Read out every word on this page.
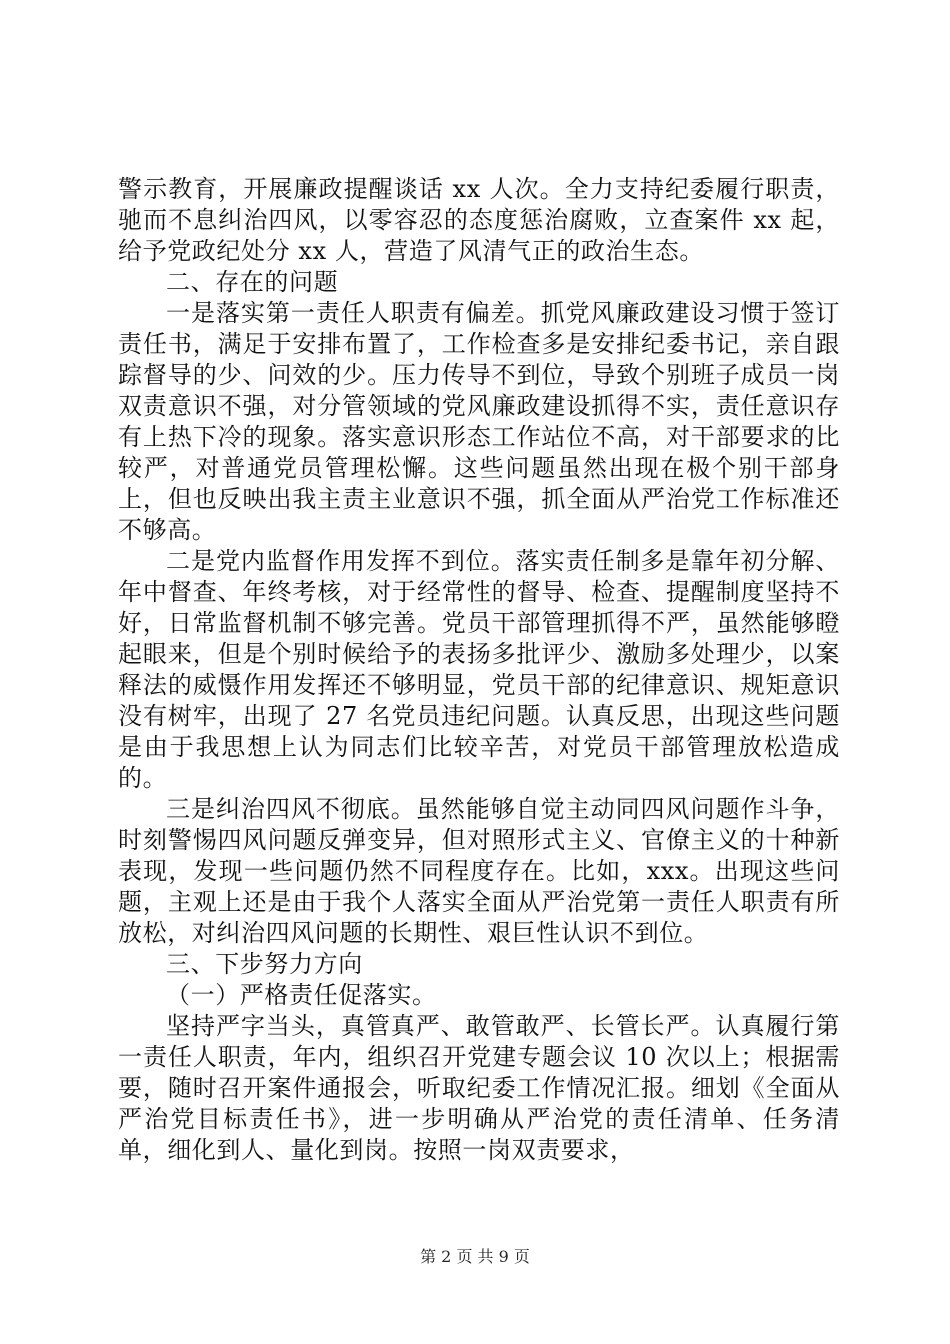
警示教育，开展廉政提醒谈话 xx 人次。全力支持纪委履行职责，驰而不息纠治四风，以零容忍的态度惩治腐败，立查案件 xx 起，给予党政纪处分 xx 人，营造了风清气正的政治生态。

二、存在的问题

一是落实第一责任人职责有偏差。抓党风廉政建设习惯于签订责任书，满足于安排布置了，工作检查多是安排纪委书记，亲自跟踪督导的少、问效的少。压力传导不到位，导致个别班子成员一岗双责意识不强，对分管领域的党风廉政建设抓得不实，责任意识存有上热下冷的现象。落实意识形态工作站位不高，对干部要求的比较严，对普通党员管理松懈。这些问题虽然出现在极个别干部身上，但也反映出我主责主业意识不强，抓全面从严治党工作标准还不够高。

二是党内监督作用发挥不到位。落实责任制多是靠年初分解、年中督查、年终考核，对于经常性的督导、检查、提醒制度坚持不好，日常监督机制不够完善。党员干部管理抓得不严，虽然能够瞪起眼来，但是个别时候给予的表扬多批评少、激励多处理少，以案释法的威慑作用发挥还不够明显，党员干部的纪律意识、规矩意识没有树牢，出现了 27 名党员违纪问题。认真反思，出现这些问题是由于我思想上认为同志们比较辛苦，对党员干部管理放松造成的。

三是纠治四风不彻底。虽然能够自觉主动同四风问题作斗争，时刻警惕四风问题反弹变异，但对照形式主义、官僚主义的十种新表现，发现一些问题仍然不同程度存在。比如，xxx。出现这些问题，主观上还是由于我个人落实全面从严治党第一责任人职责有所放松，对纠治四风问题的长期性、艰巨性认识不到位。

三、下步努力方向

（一）严格责任促落实。

坚持严字当头，真管真严、敢管敢严、长管长严。认真履行第一责任人职责，年内，组织召开党建专题会议 10 次以上；根据需要，随时召开案件通报会，听取纪委工作情况汇报。细划《全面从严治党目标责任书》，进一步明确从严治党的责任清单、任务清单，细化到人、量化到岗。按照一岗双责要求，

第 2 页 共 9 页
